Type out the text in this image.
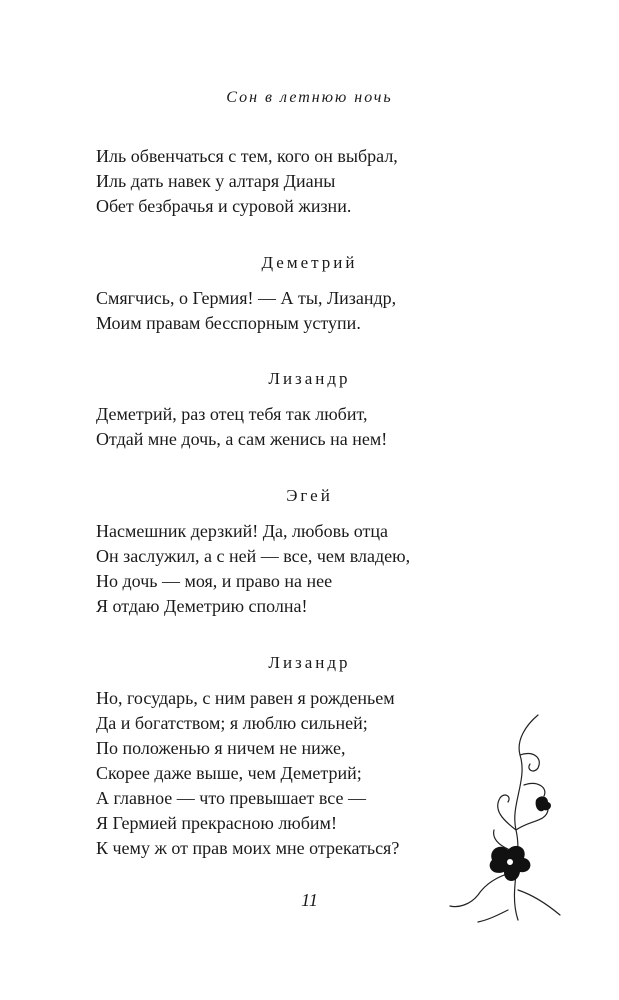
Сон в летнюю ночь
Иль обвенчаться с тем, кого он выбрал,
Иль дать навек у алтаря Дианы
Обет безбрачья и суровой жизни.
Деметрий
Смягчись, о Гермия! — А ты, Лизандр,
Моим правам бесспорным уступи.
Лизандр
Деметрий, раз отец тебя так любит,
Отдай мне дочь, а сам женись на нем!
Эгей
Насмешник дерзкий! Да, любовь отца
Он заслужил, а с ней — все, чем владею,
Но дочь — моя, и право на нее
Я отдаю Деметрию сполна!
Лизандр
Но, государь, с ним равен я рожденьем
Да и богатством; я люблю сильней;
По положенью я ничем не ниже,
Скорее даже выше, чем Деметрий;
А главное — что превышает все —
Я Гермией прекрасною любим!
К чему ж от прав моих мне отрекаться?
11
